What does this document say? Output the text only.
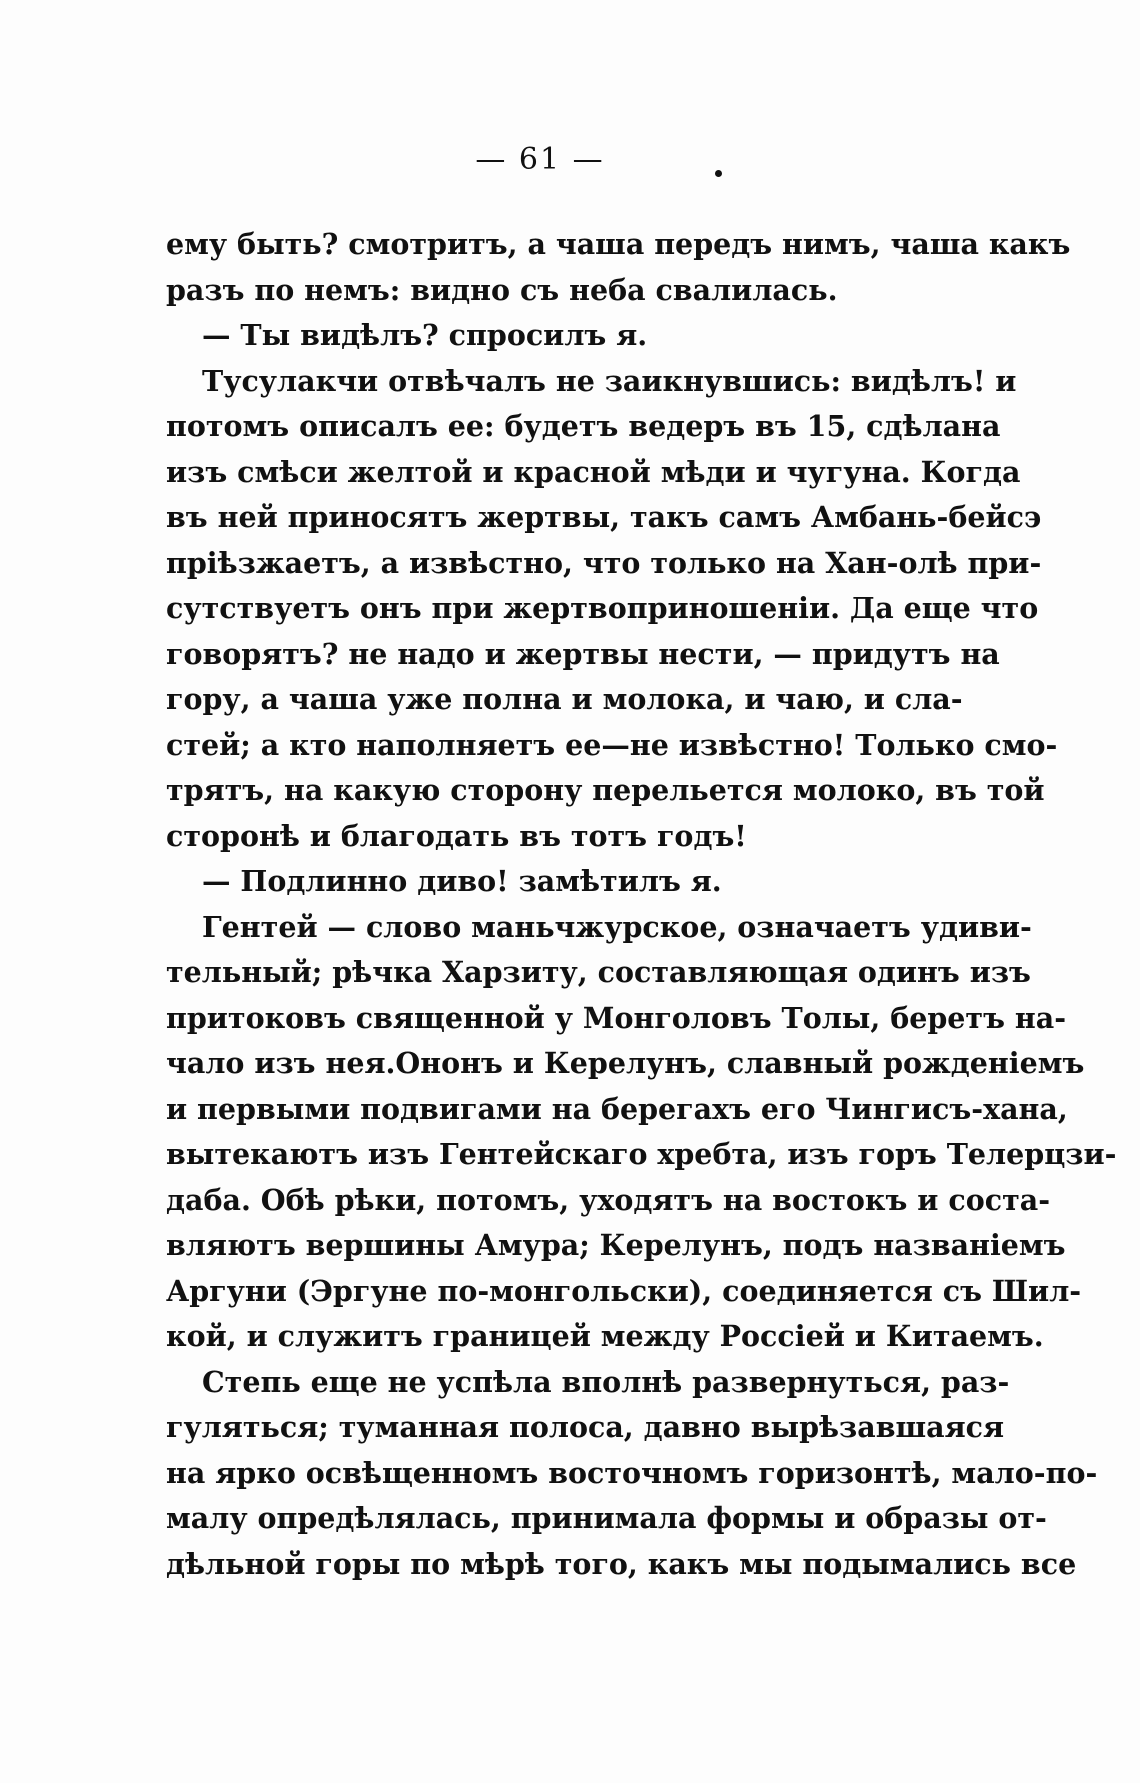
— 61 —
ему быть? смотритъ, а чаша передъ нимъ, чаша какъ
разъ по немъ: видно съ неба свалилась.
— Ты видѣлъ? спросилъ я.
Тусулакчи отвѣчалъ не заикнувшись: видѣлъ! и
потомъ описалъ ее: будетъ ведеръ въ 15, сдѣлана
изъ смѣси желтой и красной мѣди и чугуна. Когда
въ ней приносятъ жертвы, такъ самъ Амбань-бейсэ
прiѣзжаетъ, а извѣстно, что только на Хан-олѣ при-
сутствуетъ онъ при жертвоприношенiи. Да еще что
говорятъ? не надо и жертвы нести, — придутъ на
гору, а чаша уже полна и молока, и чаю, и сла-
стей; а кто наполняетъ ее—не извѣстно! Только смо-
трятъ, на какую сторону перельется молоко, въ той
сторонѣ и благодать въ тотъ годъ!
— Подлинно диво! замѣтилъ я.
Гентей — слово маньчжурское, означаетъ удиви-
тельный; рѣчка Харзиту, составляющая одинъ изъ
притоковъ священной у Монголовъ Толы, беретъ на-
чало изъ нея.Ононъ и Керелунъ, славный рожденiемъ
и первыми подвигами на берегахъ его Чингисъ-хана,
вытекаютъ изъ Гентейскаго хребта, изъ горъ Телерцзи-
даба. Обѣ рѣки, потомъ, уходятъ на востокъ и соста-
вляютъ вершины Амура; Керелунъ, подъ названiемъ
Аргуни (Эргуне по-монгольски), соединяется съ Шил-
кой, и служитъ границей между Россiей и Китаемъ.
Степь еще не успѣла вполнѣ развернуться, раз-
гуляться; туманная полоса, давно вырѣзавшаяся
на ярко освѣщенномъ восточномъ горизонтѣ, мало-по-
малу опредѣлялась, принимала формы и образы от-
дѣльной горы по мѣрѣ того, какъ мы подымались все
